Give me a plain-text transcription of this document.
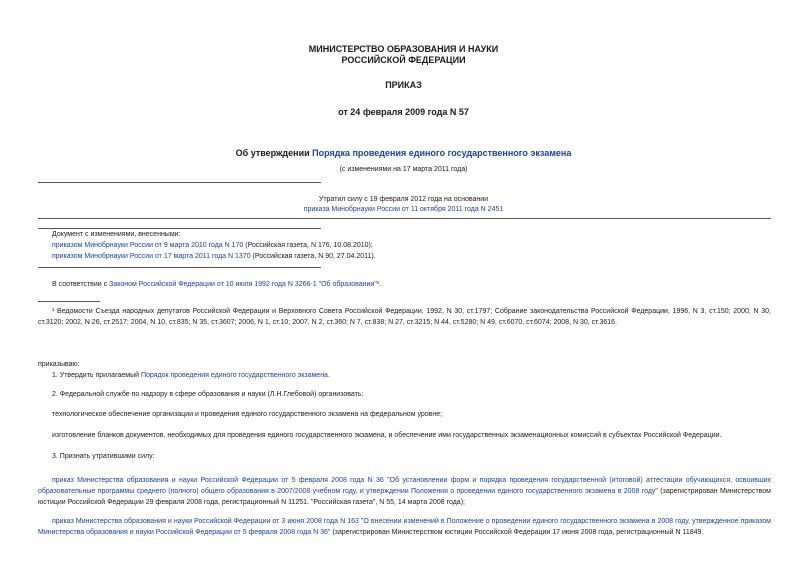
МИНИСТЕРСТВО ОБРАЗОВАНИЯ И НАУКИ
РОССИЙСКОЙ ФЕДЕРАЦИИ
ПРИКАЗ
от 24 февраля 2009 года N 57
Об утверждении Порядка проведения единого государственного экзамена
(с изменениями на 17 марта 2011 года)
Утратил силу с 19 февраля 2012 года на основании
приказа Минобрнауки России от 11 октября 2011 года N 2451
Документ с изменениями, внесенными:
приказом Минобрнауки России от 9 марта 2010 года N 170 (Российская газета, N 176, 10.08.2010);
приказом Минобрнауки России от 17 марта 2011 года N 1370 (Российская газета, N 90, 27.04.2011).
В соответствии с Законом Российской Федерации от 10 июля 1992 года N 3266-1 "Об образовании"¹.
¹ Ведомости Съезда народных депутатов Российской Федерации и Верховного Совета Российской Федерации, 1992, N 30, ст.1797; Собрание законодательства Российской Федерации, 1996, N 3, ст.150; 2000, N 30, ст.3120; 2002, N 26, ст.2517; 2004, N 10, ст.835; N 35, ст.3607; 2006, N 1, ст.10; 2007, N 2, ст.360; N 7, ст.838; N 27, ст.3215; N 44, ст.5280; N 49, ст.6070, ст.6074; 2008, N 30, ст.3616.
приказываю:
1. Утвердить прилагаемый Порядок проведения единого государственного экзамена.
2. Федеральной службе по надзору в сфере образования и науки (Л.Н.Глебовой) организовать:
технологическое обеспечение организации и проведения единого государственного экзамена на федеральном уровне;
изготовление бланков документов, необходимых для проведения единого государственного экзамена, и обеспечение ими государственных экзаменационных комиссий в субъектах Российской Федерации.
3. Признать утратившими силу:
приказ Министерства образования и науки Российской Федерации от 5 февраля 2008 года N 36 "Об установлении форм и порядка проведения государственной (итоговой) аттестации обучающихся, освоивших образовательные программы среднего (полного) общего образования в 2007/2008 учебном году, и утверждении Положения о проведении единого государственного экзамена в 2008 году" (зарегистрирован Министерством юстиции Российской Федерации 29 февраля 2008 года, регистрационный N 11251. "Российская газета", N 55, 14 марта 2008 года);
приказ Министерства образования и науки Российской Федерации от 3 июня 2008 года N 163 "О внесении изменений в Положение о проведении единого государственного экзамена в 2008 году, утвержденное приказом Министерства образования и науки Российской Федерации от 5 февраля 2008 года N 36" (зарегистрирован Министерством юстиции Российской Федерации 17 июня 2008 года, регистрационный N 11849.
